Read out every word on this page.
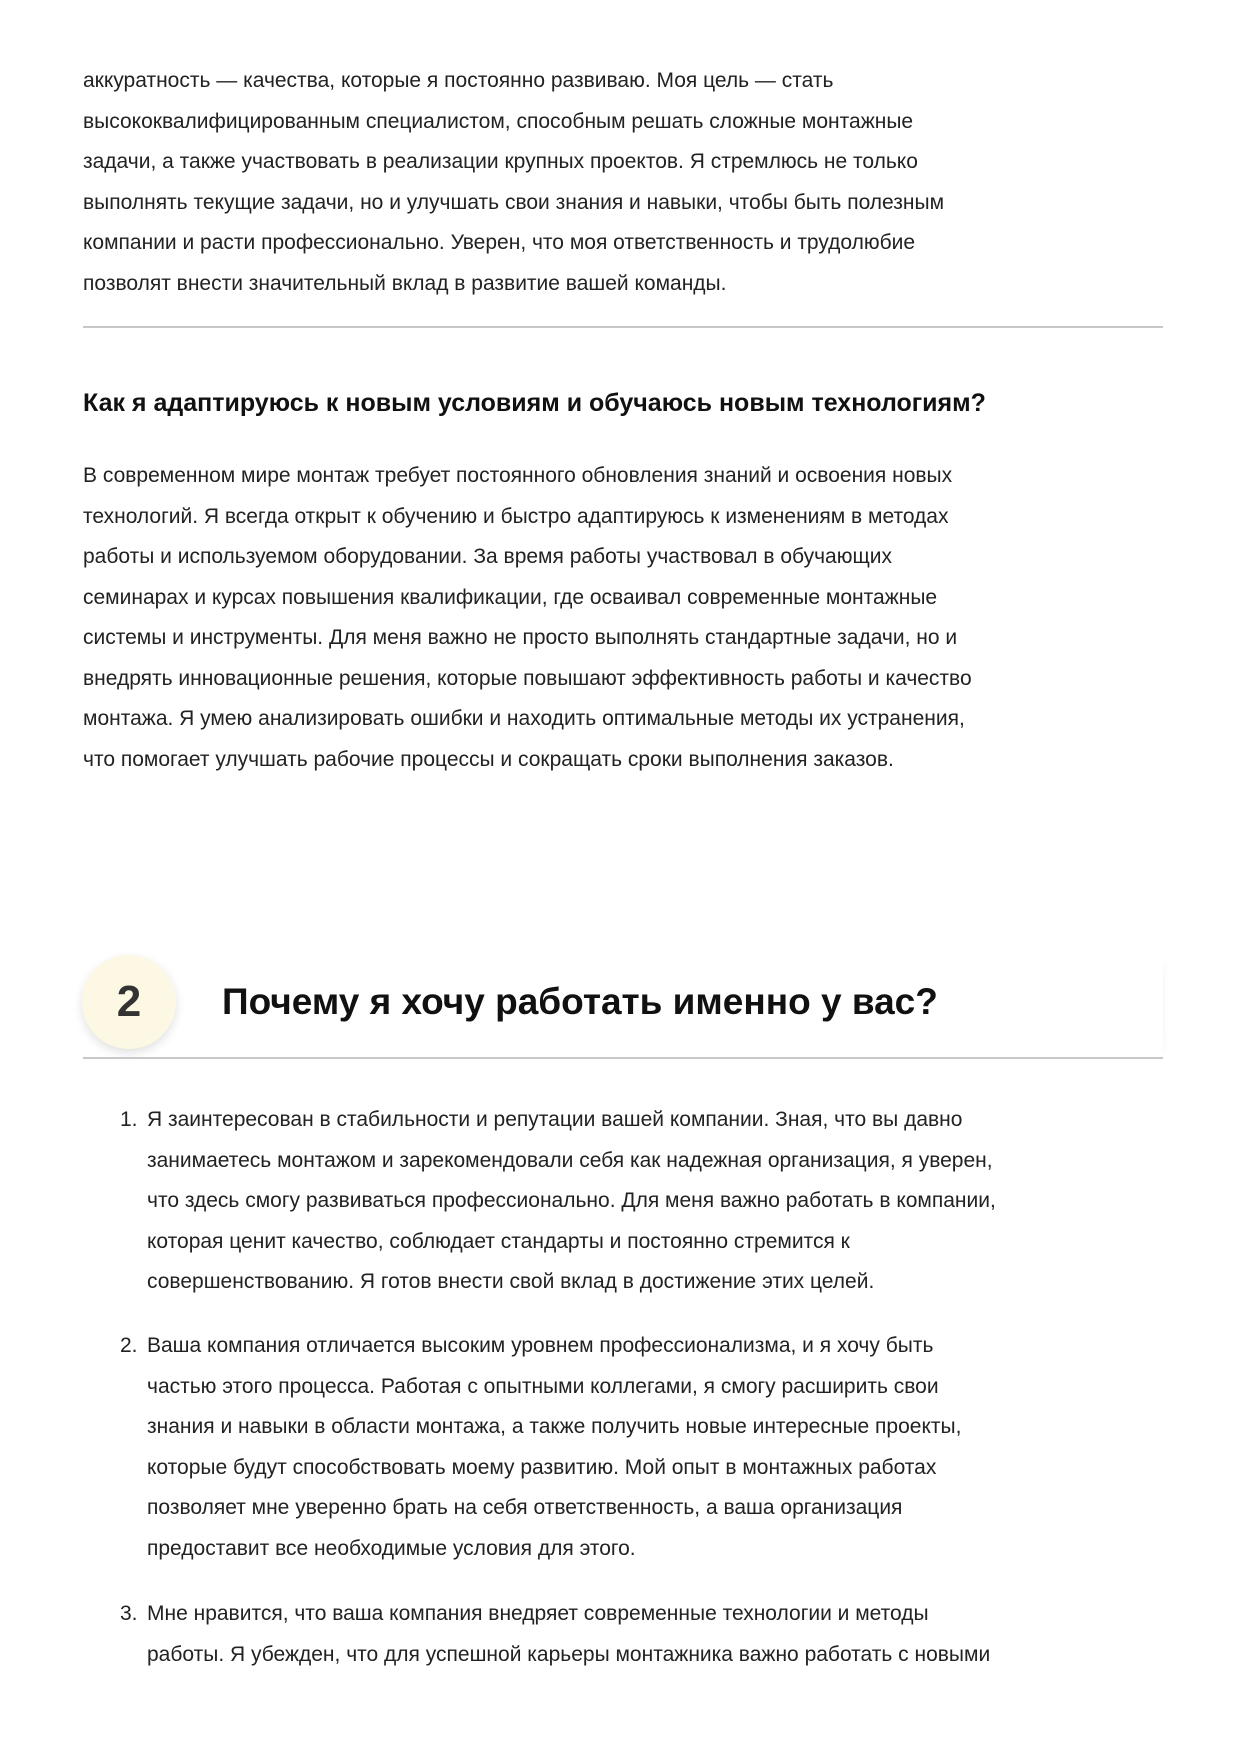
аккуратность — качества, которые я постоянно развиваю. Моя цель — стать
высококвалифицированным специалистом, способным решать сложные монтажные
задачи, а также участвовать в реализации крупных проектов. Я стремлюсь не только
выполнять текущие задачи, но и улучшать свои знания и навыки, чтобы быть полезным
компании и расти профессионально. Уверен, что моя ответственность и трудолюбие
позволят внести значительный вклад в развитие вашей команды.
Как я адаптируюсь к новым условиям и обучаюсь новым технологиям?
В современном мире монтаж требует постоянного обновления знаний и освоения новых
технологий. Я всегда открыт к обучению и быстро адаптируюсь к изменениям в методах
работы и используемом оборудовании. За время работы участвовал в обучающих
семинарах и курсах повышения квалификации, где осваивал современные монтажные
системы и инструменты. Для меня важно не просто выполнять стандартные задачи, но и
внедрять инновационные решения, которые повышают эффективность работы и качество
монтажа. Я умею анализировать ошибки и находить оптимальные методы их устранения,
что помогает улучшать рабочие процессы и сокращать сроки выполнения заказов.
2	Почему я хочу работать именно у вас?
1. Я заинтересован в стабильности и репутации вашей компании. Зная, что вы давно
занимаетесь монтажом и зарекомендовали себя как надежная организация, я уверен,
что здесь смогу развиваться профессионально. Для меня важно работать в компании,
которая ценит качество, соблюдает стандарты и постоянно стремится к
совершенствованию. Я готов внести свой вклад в достижение этих целей.
2. Ваша компания отличается высоким уровнем профессионализма, и я хочу быть
частью этого процесса. Работая с опытными коллегами, я смогу расширить свои
знания и навыки в области монтажа, а также получить новые интересные проекты,
которые будут способствовать моему развитию. Мой опыт в монтажных работах
позволяет мне уверенно брать на себя ответственность, а ваша организация
предоставит все необходимые условия для этого.
3. Мне нравится, что ваша компания внедряет современные технологии и методы
работы. Я убежден, что для успешной карьеры монтажника важно работать с новыми
